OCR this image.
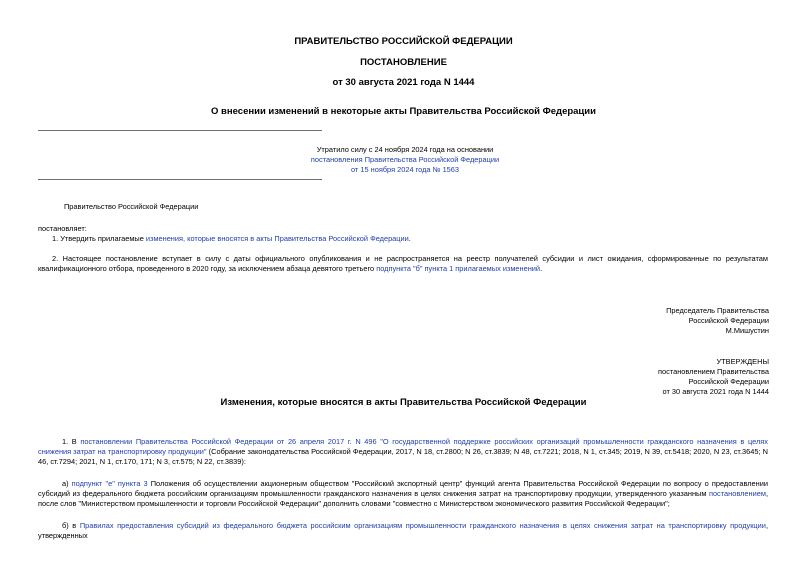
ПРАВИТЕЛЬСТВО РОССИЙСКОЙ ФЕДЕРАЦИИ
ПОСТАНОВЛЕНИЕ
от 30 августа 2021 года N 1444
О внесении изменений в некоторые акты Правительства Российской Федерации
Утратило силу с 24 ноября 2024 года на основании
постановления Правительства Российской Федерации
от 15 ноября 2024 года № 1563
Правительство Российской Федерации
постановляет:
1. Утвердить прилагаемые изменения, которые вносятся в акты Правительства Российской Федерации.
2. Настоящее постановление вступает в силу с даты официального опубликования и не распространяется на реестр получателей субсидии и лист ожидания, сформированные по результатам квалификационного отбора, проведенного в 2020 году, за исключением абзаца девятого третьего подпункта "б" пункта 1 прилагаемых изменений.
Председатель Правительства
Российской Федерации
М.Мишустин
УТВЕРЖДЕНЫ
постановлением Правительства
Российской Федерации
от 30 августа 2021 года N 1444
Изменения, которые вносятся в акты Правительства Российской Федерации
1. В постановлении Правительства Российской Федерации от 26 апреля 2017 г. N 496 "О государственной поддержке российских организаций промышленности гражданского назначения в целях снижения затрат на транспортировку продукции" (Собрание законодательства Российской Федерации, 2017, N 18, ст.2800; N 26, ст.3839; N 48, ст.7221; 2018, N 1, ст.345; 2019, N 39, ст.5418; 2020, N 23, ст.3645; N 46, ст.7294; 2021, N 1, ст.170, 171; N 3, ст.575; N 22, ст.3839):
а) подпункт "е" пункта 3 Положения об осуществлении акционерным обществом "Российский экспортный центр" функций агента Правительства Российской Федерации по вопросу о предоставлении субсидий из федерального бюджета российским организациям промышленности гражданского назначения в целях снижения затрат на транспортировку продукции, утвержденного указанным постановлением, после слов "Министерством промышленности и торговли Российской Федерации" дополнить словами "совместно с Министерством экономического развития Российской Федерации";
б) в Правилах предоставления субсидий из федерального бюджета российским организациям промышленности гражданского назначения в целях снижения затрат на транспортировку продукции, утвержденных
